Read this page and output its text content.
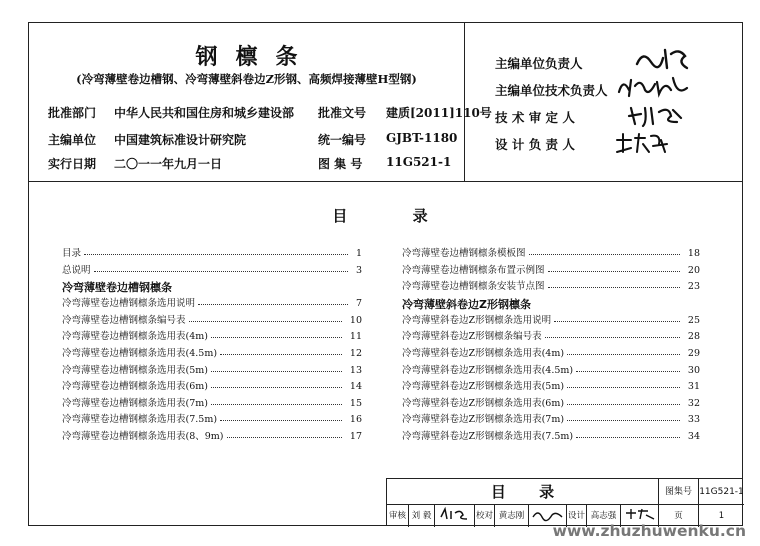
钢檩条
(冷弯薄壁卷边槽钢、冷弯薄壁斜卷边Z形钢、高频焊接薄壁H型钢)
批准部门 中华人民共和国住房和城乡建设部 批准文号 建质[2011]110号
主编单位 中国建筑标准设计研究院	统一编号 GJBT-1180
实行日期 二〇一一年九月一日	图 集 号 11G521-1
主编单位负责人
主编单位技术负责人
技 术 审 定 人
设 计 负 责 人
目 录
目录	1
总说明	3
冷弯薄壁卷边槽钢檩条
冷弯薄壁卷边槽钢檩条选用说明	7
冷弯薄壁卷边槽钢檩条编号表	10
冷弯薄壁卷边槽钢檩条选用表(4m)	11
冷弯薄壁卷边槽钢檩条选用表(4.5m)	12
冷弯薄壁卷边槽钢檩条选用表(5m)	13
冷弯薄壁卷边槽钢檩条选用表(6m)	14
冷弯薄壁卷边槽钢檩条选用表(7m)	15
冷弯薄壁卷边槽钢檩条选用表(7.5m)	16
冷弯薄壁卷边槽钢檩条选用表(8、9m)	17
冷弯薄壁卷边槽钢檩条模板图	18
冷弯薄壁卷边槽钢檩条布置示例图	20
冷弯薄壁卷边槽钢檩条安装节点图	23
冷弯薄壁斜卷边Z形钢檩条
冷弯薄壁斜卷边Z形钢檩条选用说明	25
冷弯薄壁斜卷边Z形钢檩条编号表	28
冷弯薄壁斜卷边Z形钢檩条选用表(4m)	29
冷弯薄壁斜卷边Z形钢檩条选用表(4.5m)	30
冷弯薄壁斜卷边Z形钢檩条选用表(5m)	31
冷弯薄壁斜卷边Z形钢檩条选用表(6m)	32
冷弯薄壁斜卷边Z形钢檩条选用表(7m)	33
冷弯薄壁斜卷边Z形钢檩条选用表(7.5m)	34
目 录	图集号 11G521-1
审核 刘 毅	校对 黄志刚	设计 高志强	页	1
www.zhuzhuwenku.cn
